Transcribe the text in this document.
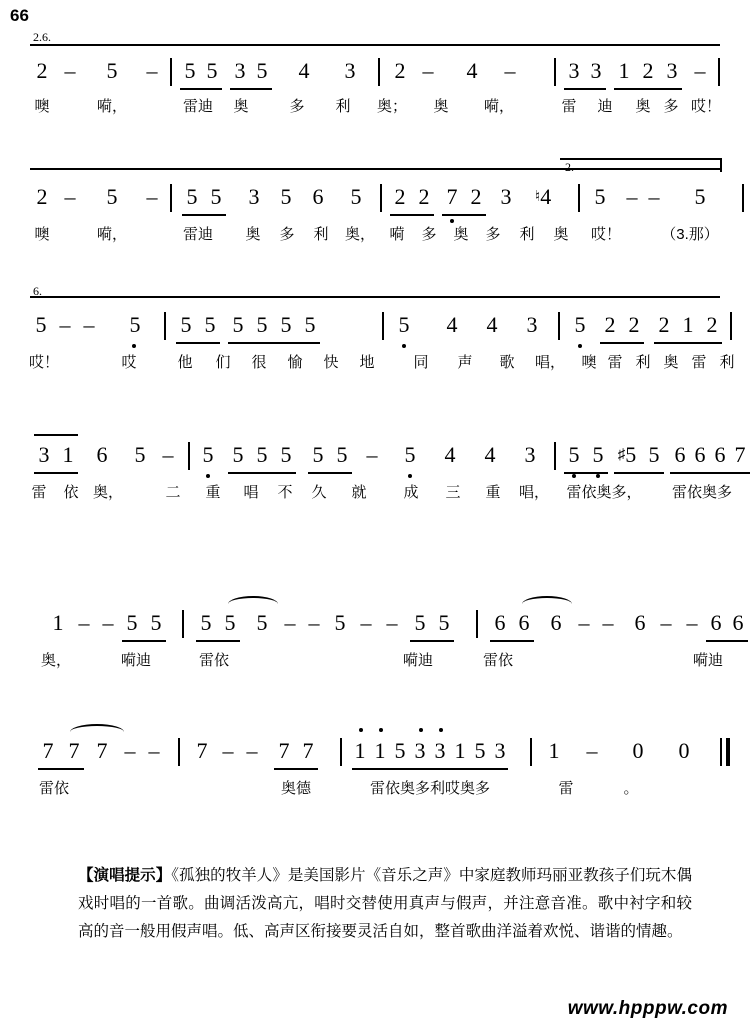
66
2.6.
2 – 5 – 5 5 3 5 4 3 2 – 4 – 3 3 1 2 3 –
噢	嗬，	雷迪	奥	多	利	奥；	奥	嗬，	雷	迪	奥 多 哎！
2.
2 – 5 – 5 5 3 5 6 5 2 2 7 2 3	♮4 5 – – 5
噢	嗬，	雷迪	奥	多	利	奥， 嗬	多	奥	多	利	奥	哎！	（3.那）
6.
5 – – 5 5 5 5 5 5 5	5 4 4 3 5 2 2 2 1 2
哎！	哎	他	们	很	愉	快	地	同	声	歌	唱，	噢 雷 利 奥 雷 利
3 1 6 5 – 5 5 5 5 5 5 – 5 4 4 3 5 5 ♯5 5 6 6 6 7
雷	依 奥，	二	重	唱	不	久	就	成	三	重	唱，	雷依奥多，	雷依奥多
1 – – 5 5 5 5 5 – – 5 – – 5 5 6 6 6 – – 6 – – 6 6
奥，	嗬迪	雷依	嗬迪	雷依	嗬迪
7 7 7 – – 7 – – 7 7 1 1 5 3 3 1 5 3 1 – 0 0
雷依	奥德	雷依奥多利哎奥多	雷	。
【演唱提示】《孤独的牧羊人》是美国影片《音乐之声》中家庭教师玛丽亚教孩子们玩木偶戏时唱的一首歌。曲调活泼高亢，唱时交替使用真声与假声，并注意音准。歌中衬字和较高的音一般用假声唱。低、高声区衔接要灵活自如，整首歌曲洋溢着欢悦、谐谐的情趣。
www.hpppw.com
